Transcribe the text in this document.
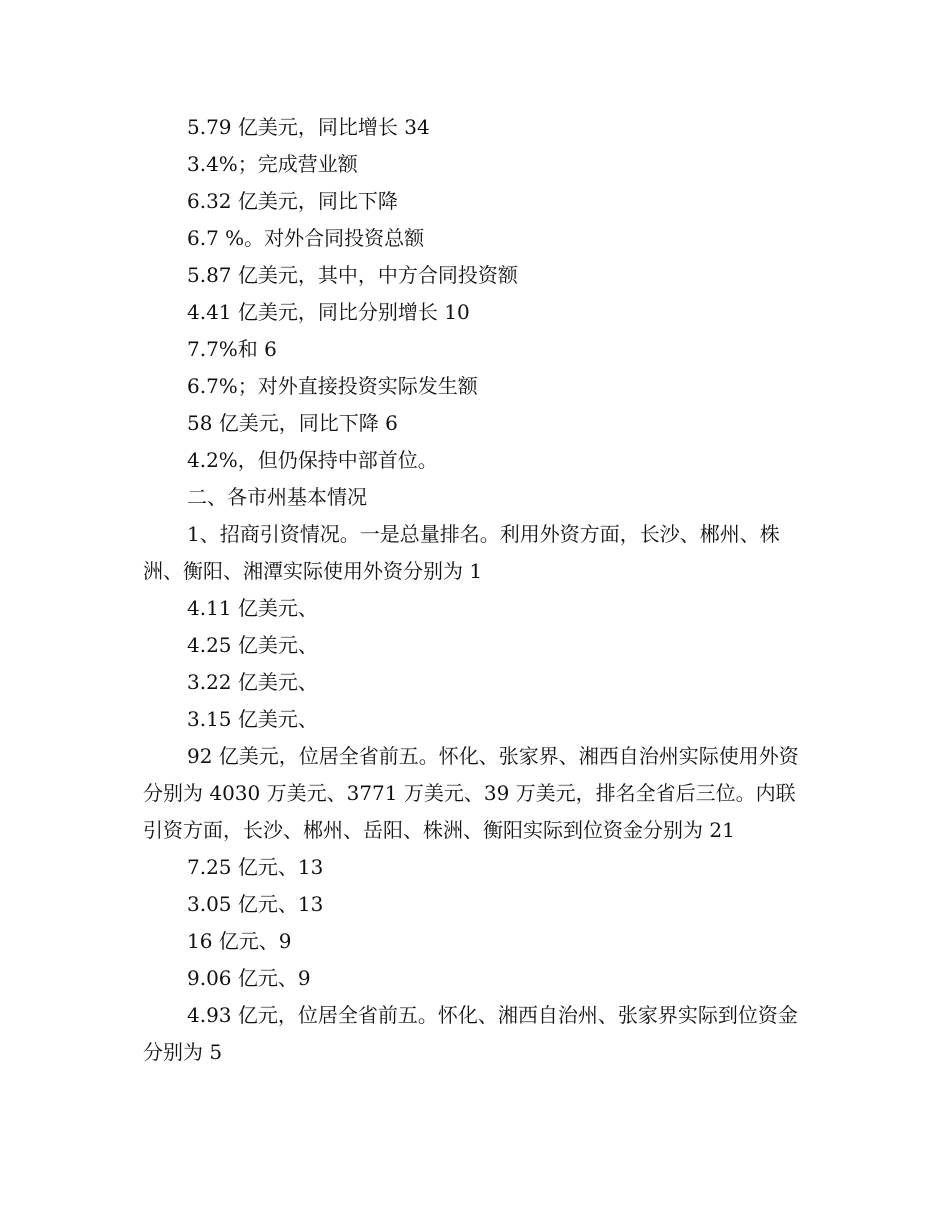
5.79 亿美元，同比增长 34

3.4%；完成营业额

6.32 亿美元，同比下降

6.7 %。对外合同投资总额

5.87 亿美元，其中，中方合同投资额

4.41 亿美元，同比分别增长 10

7.7%和 6

6.7%；对外直接投资实际发生额

58 亿美元，同比下降 6

4.2%，但仍保持中部首位。

二、各市州基本情况

1、招商引资情况。一是总量排名。利用外资方面，长沙、郴州、株洲、衡阳、湘潭实际使用外资分别为 1

4.11 亿美元、

4.25 亿美元、

3.22 亿美元、

3.15 亿美元、

92 亿美元，位居全省前五。怀化、张家界、湘西自治州实际使用外资分别为 4030 万美元、3771 万美元、39 万美元，排名全省后三位。内联引资方面，长沙、郴州、岳阳、株洲、衡阳实际到位资金分别为 21

7.25 亿元、13

3.05 亿元、13

16 亿元、9

9.06 亿元、9

4.93 亿元，位居全省前五。怀化、湘西自治州、张家界实际到位资金分别为 5
